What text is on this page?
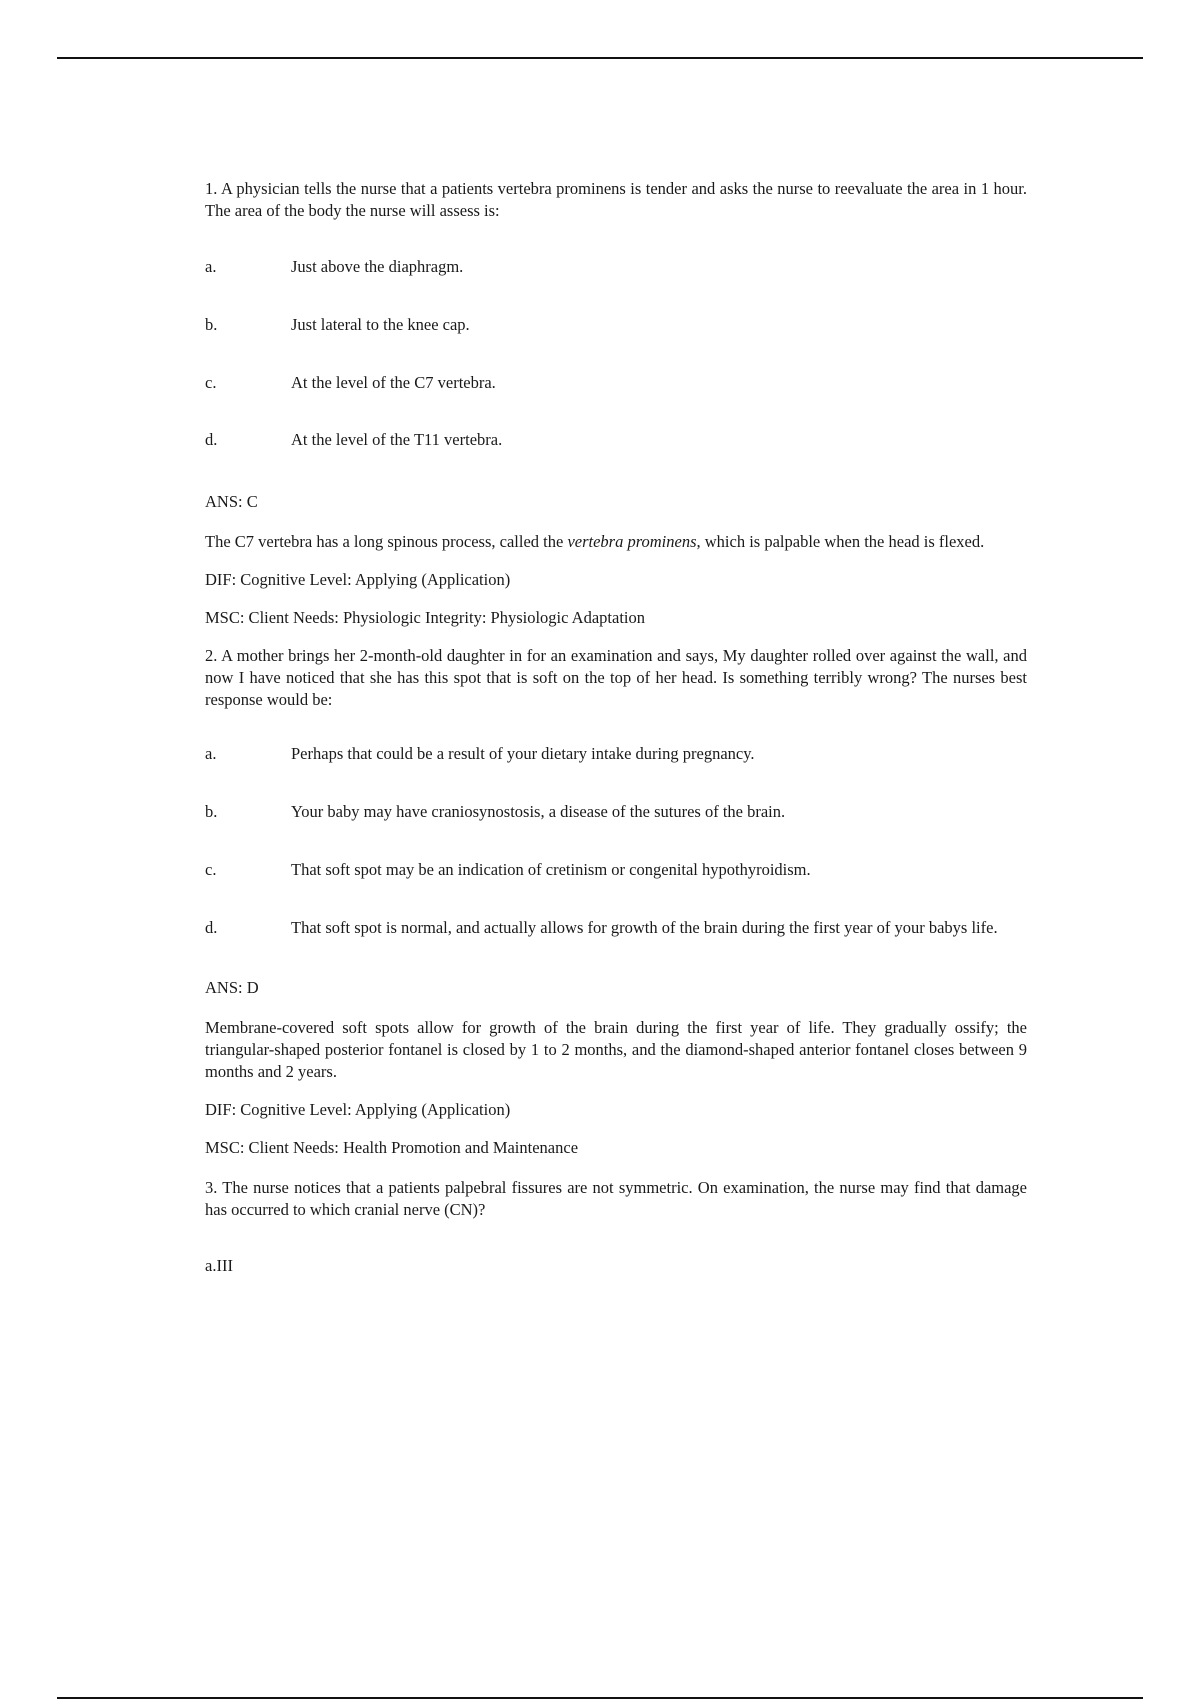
1. A physician tells the nurse that a patients vertebra prominens is tender and asks the nurse to reevaluate the area in 1 hour. The area of the body the nurse will assess is:

a.	Just above the diaphragm.
b.	Just lateral to the knee cap.
c.	At the level of the C7 vertebra.
d.	At the level of the T11 vertebra.

ANS: C

The C7 vertebra has a long spinous process, called the vertebra prominens, which is palpable when the head is flexed.

DIF: Cognitive Level: Applying (Application)

MSC: Client Needs: Physiologic Integrity: Physiologic Adaptation

2. A mother brings her 2-month-old daughter in for an examination and says, My daughter rolled over against the wall, and now I have noticed that she has this spot that is soft on the top of her head. Is something terribly wrong? The nurses best response would be:

a.	Perhaps that could be a result of your dietary intake during pregnancy.
b.	Your baby may have craniosynostosis, a disease of the sutures of the brain.
c.	That soft spot may be an indication of cretinism or congenital hypothyroidism.
d.	That soft spot is normal, and actually allows for growth of the brain during the first year of your babys life.

ANS: D

Membrane-covered soft spots allow for growth of the brain during the first year of life. They gradually ossify; the triangular-shaped posterior fontanel is closed by 1 to 2 months, and the diamond-shaped anterior fontanel closes between 9 months and 2 years.

DIF: Cognitive Level: Applying (Application)

MSC: Client Needs: Health Promotion and Maintenance

3. The nurse notices that a patients palpebral fissures are not symmetric. On examination, the nurse may find that damage has occurred to which cranial nerve (CN)?

a.III
